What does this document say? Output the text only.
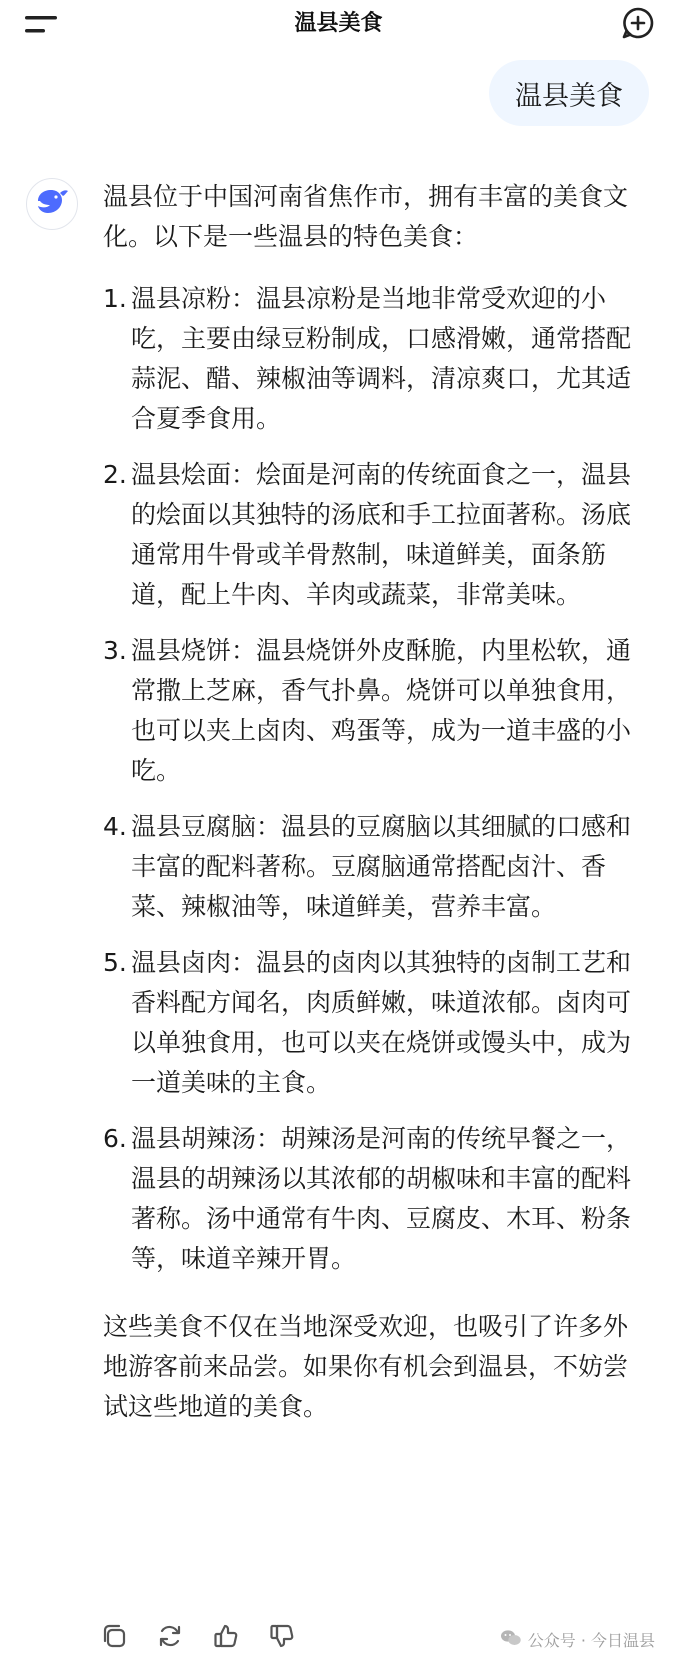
温县美食
温县美食

温县位于中国河南省焦作市，拥有丰富的美食文化。以下是一些温县的特色美食：

1. 温县凉粉：温县凉粉是当地非常受欢迎的小吃，主要由绿豆粉制成，口感滑嫩，通常搭配蒜泥、醋、辣椒油等调料，清凉爽口，尤其适合夏季食用。
2. 温县烩面：烩面是河南的传统面食之一，温县的烩面以其独特的汤底和手工拉面著称。汤底通常用牛骨或羊骨熬制，味道鲜美，面条筋道，配上牛肉、羊肉或蔬菜，非常美味。
3. 温县烧饼：温县烧饼外皮酥脆，内里松软，通常撒上芝麻，香气扑鼻。烧饼可以单独食用，也可以夹上卤肉、鸡蛋等，成为一道丰盛的小吃。
4. 温县豆腐脑：温县的豆腐脑以其细腻的口感和丰富的配料著称。豆腐脑通常搭配卤汁、香菜、辣椒油等，味道鲜美，营养丰富。
5. 温县卤肉：温县的卤肉以其独特的卤制工艺和香料配方闻名，肉质鲜嫩，味道浓郁。卤肉可以单独食用，也可以夹在烧饼或馒头中，成为一道美味的主食。
6. 温县胡辣汤：胡辣汤是河南的传统早餐之一，温县的胡辣汤以其浓郁的胡椒味和丰富的配料著称。汤中通常有牛肉、豆腐皮、木耳、粉条等，味道辛辣开胃。

这些美食不仅在当地深受欢迎，也吸引了许多外地游客前来品尝。如果你有机会到温县，不妨尝试这些地道的美食。

公众号 · 今日温县
